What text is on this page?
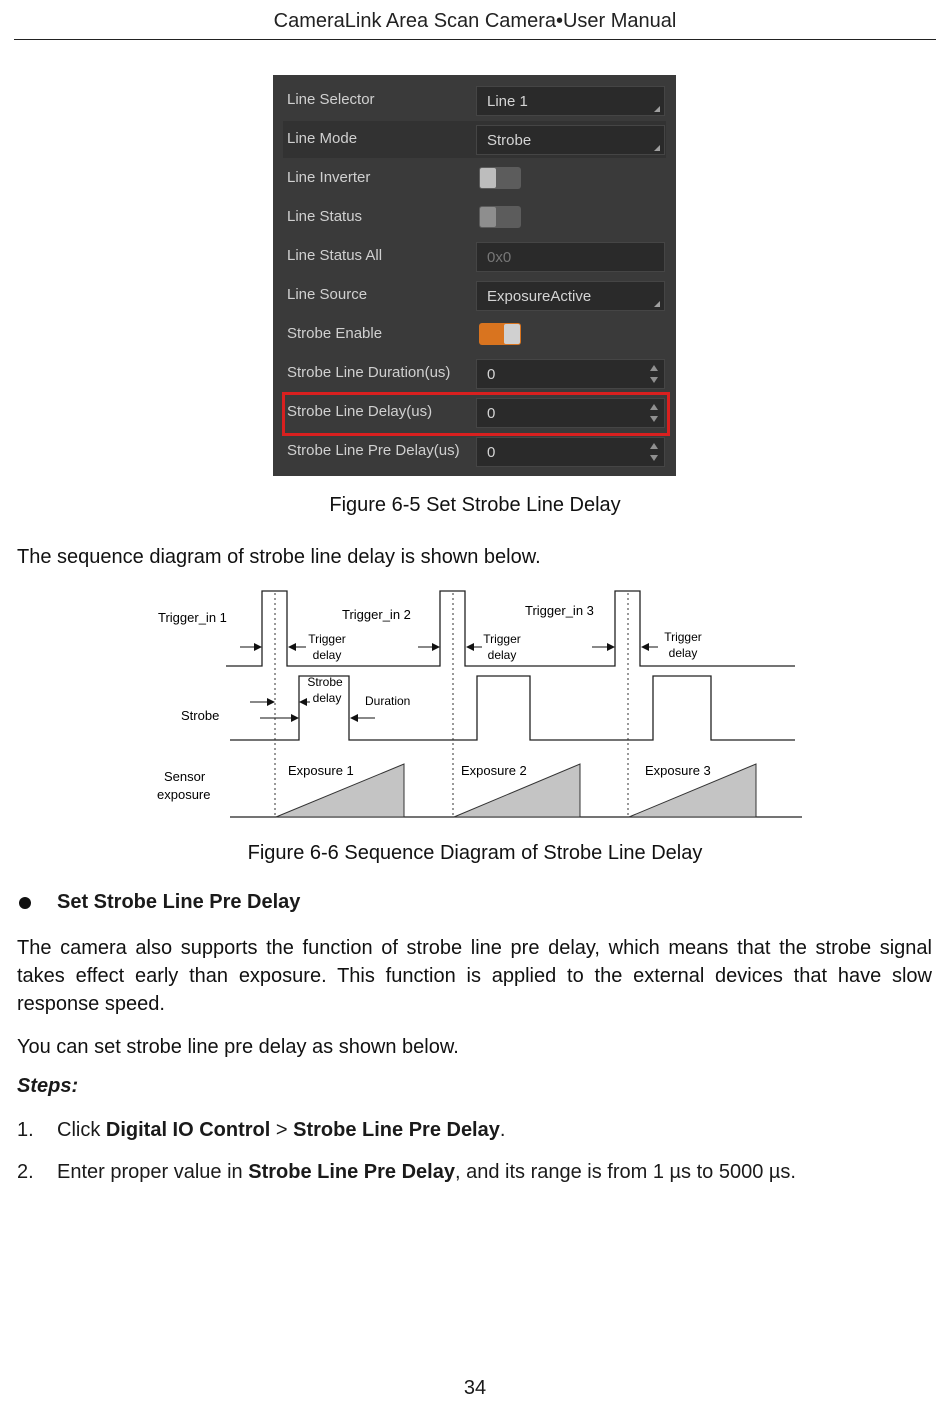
CameraLink Area Scan Camera•User Manual
Line Selector	Line 1
Line Mode	Strobe
Line Inverter
Line Status
Line Status All	0x0
Line Source	ExposureActive
Strobe Enable
Strobe Line Duration(us) 0
Strobe Line Delay(us)	0
Strobe Line Pre Delay(us) 0
Figure 6-5 Set Strobe Line Delay
The sequence diagram of strobe line delay is shown below.
Trigger_in 1
Strobe
Sensor
exposure
Trigger_in 2	Trigger_in 3
Trigger
delay
Trigger
delay
Trigger
delay
Strobe
delay Duration
Exposure 1	Exposure 2	Exposure 3
Figure 6-6 Sequence Diagram of Strobe Line Delay
Set Strobe Line Pre Delay
The camera also supports the function of strobe line pre delay, which means that the strobe signal takes effect early than exposure. This function is applied to the external devices that have slow response speed.
You can set strobe line pre delay as shown below.
Steps:
1. Click Digital IO Control > Strobe Line Pre Delay.
2. Enter proper value in Strobe Line Pre Delay, and its range is from 1 µs to 5000 µs.
34
